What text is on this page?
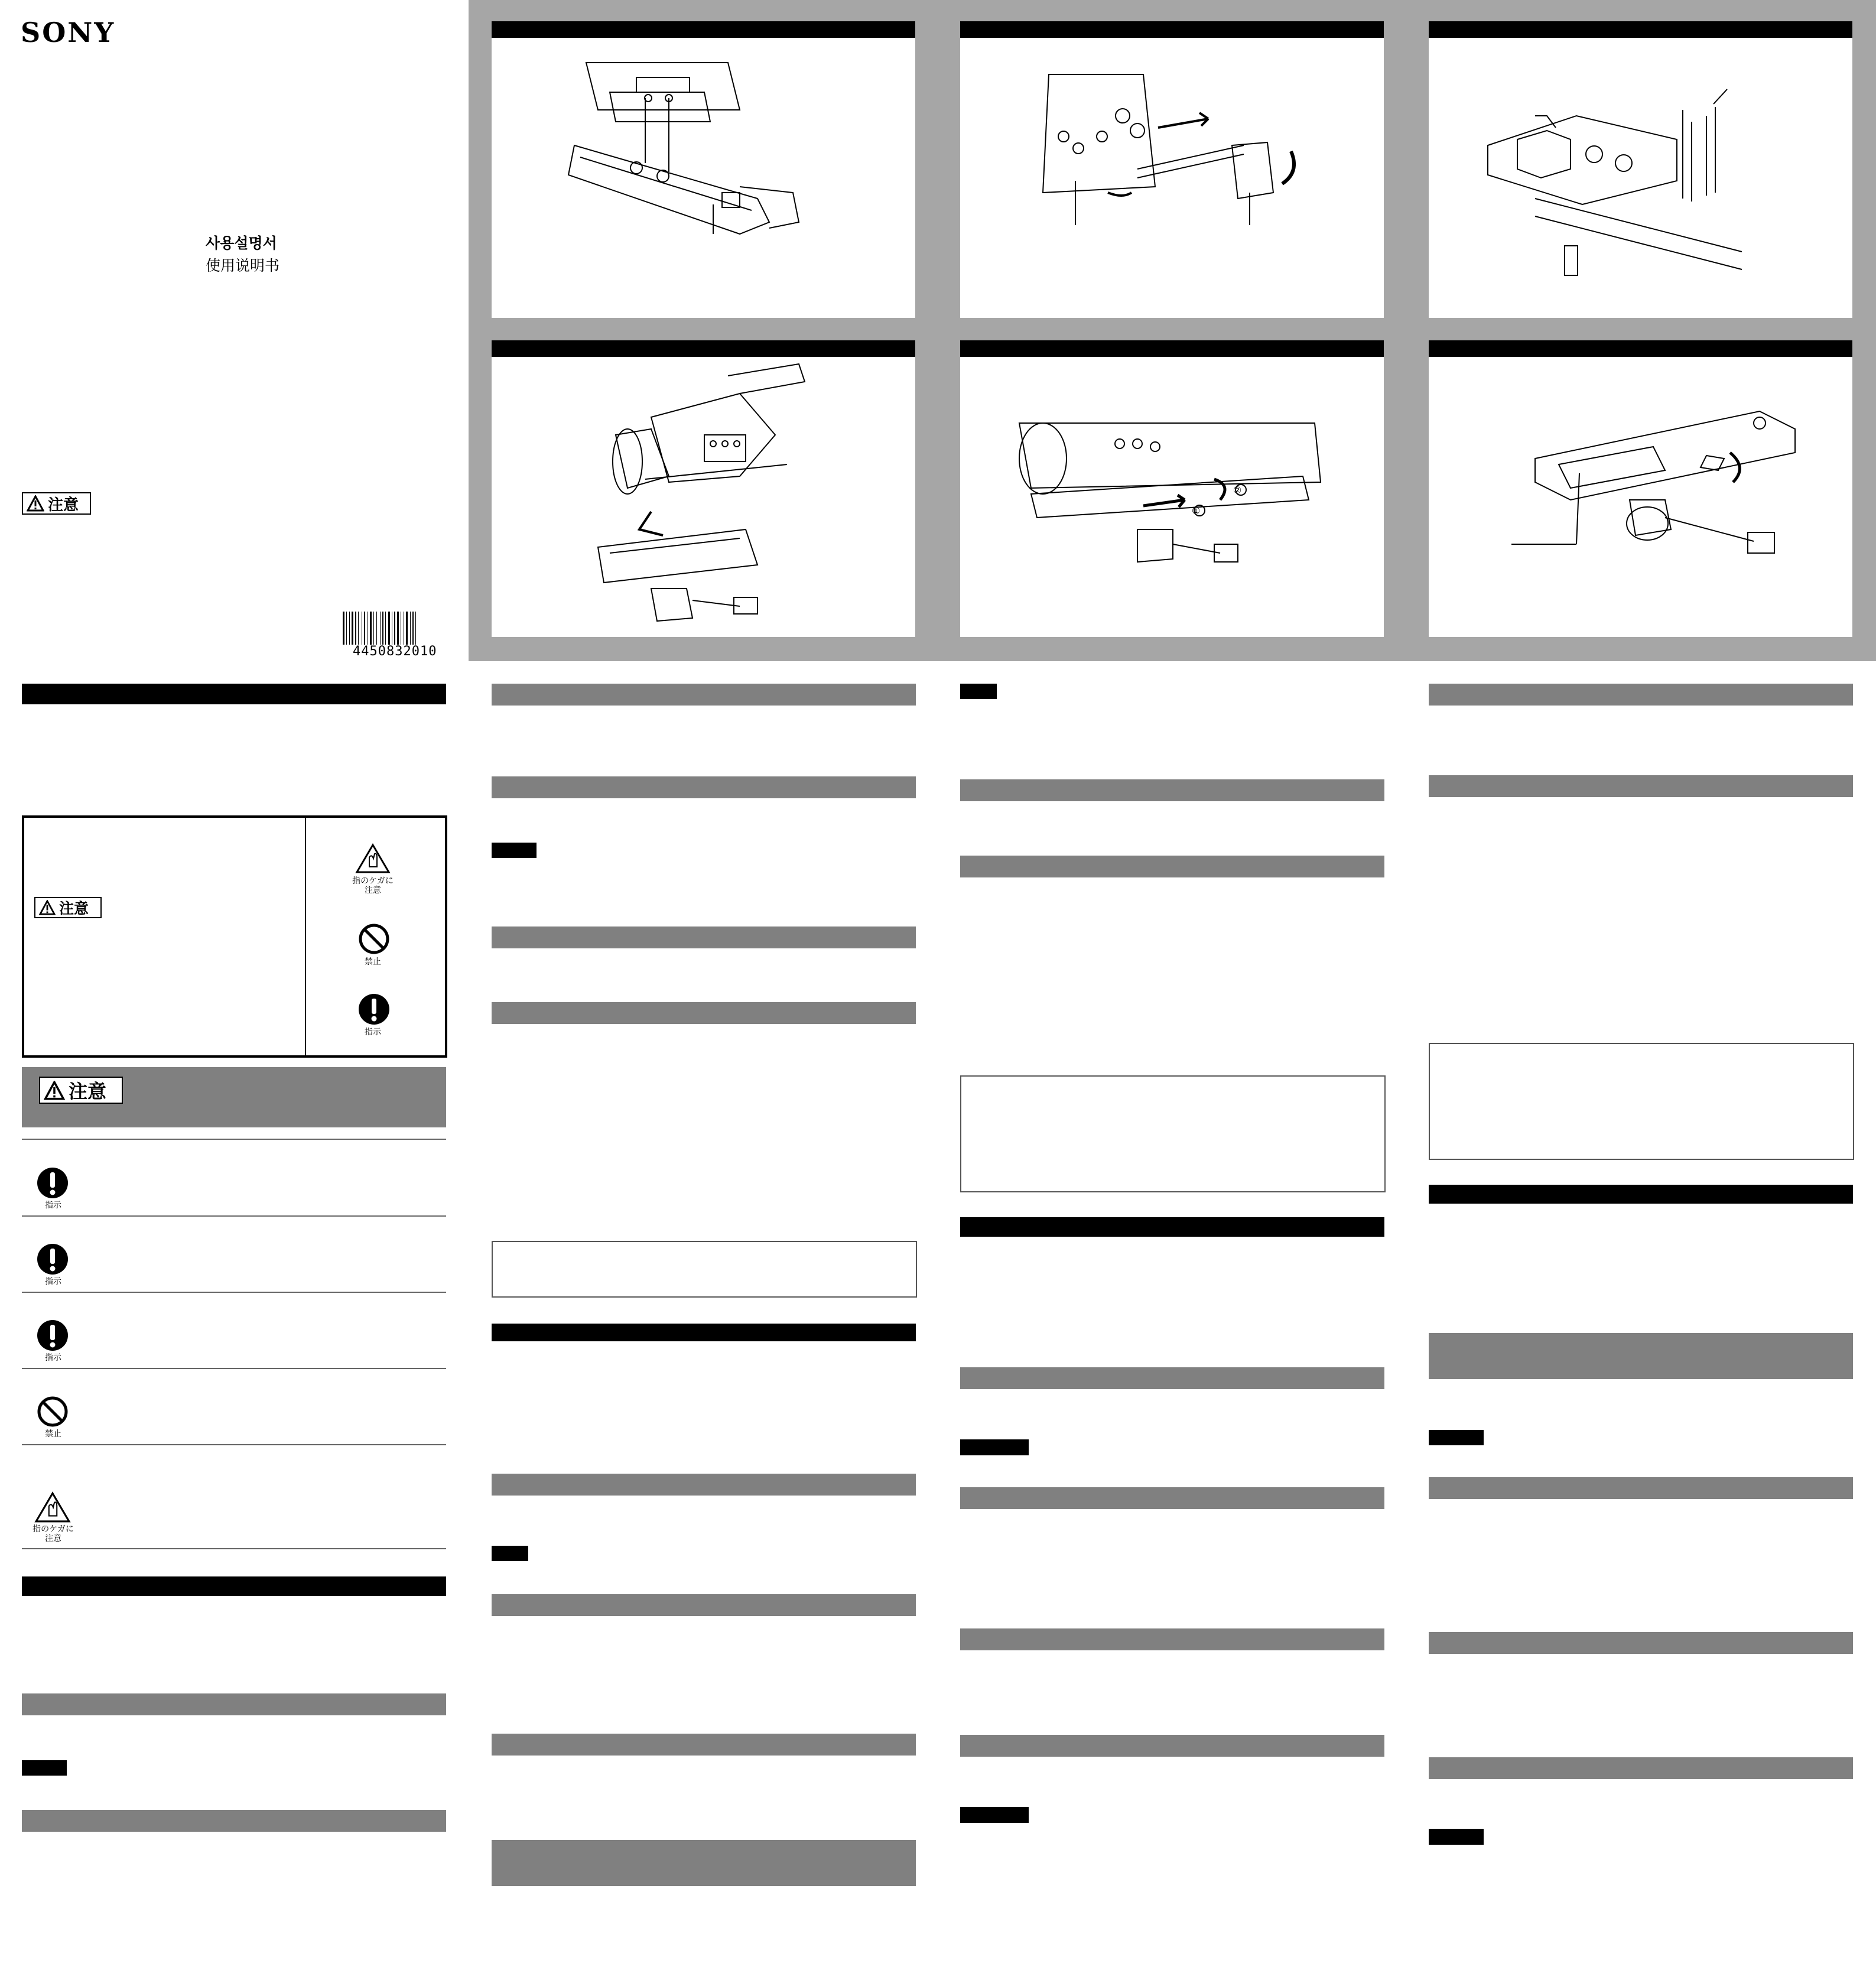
SONY
사용설명서
使用说明书
注意
4450832010
①
②
注意
指のケガに
注意
禁止
指示
注意
指示
指示
指示
禁止
指のケガに
注意
